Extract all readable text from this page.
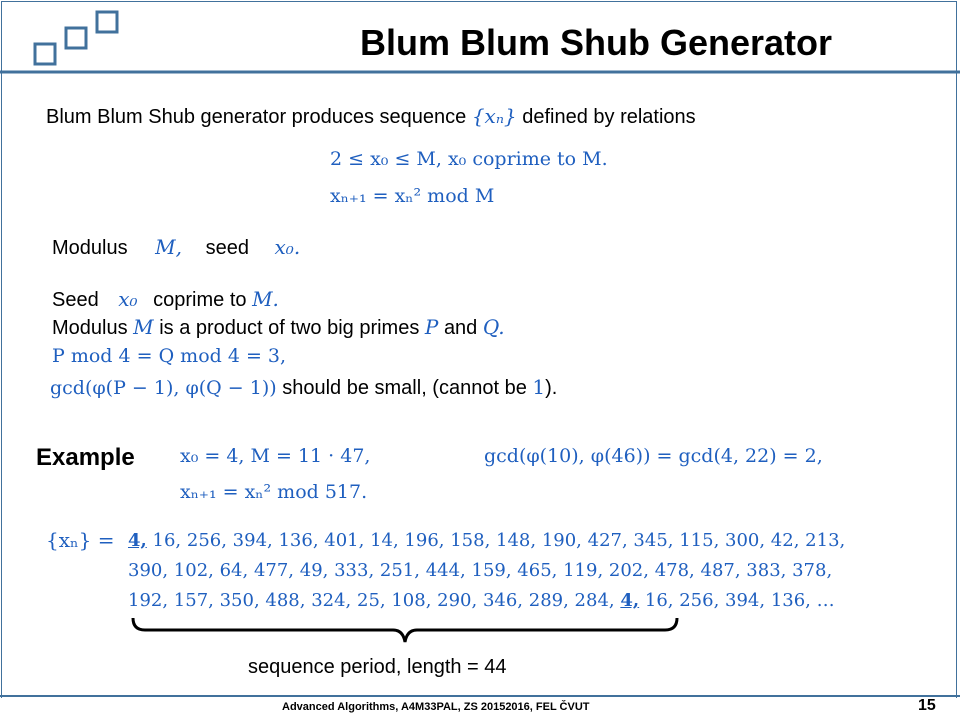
Blum Blum Shub Generator
Blum Blum Shub generator produces sequence {xₙ} defined by relations
2 ≤ x₀ ≤ M, x₀ coprime to M.
xₙ₊₁ = xₙ² mod M
Modulus M, seed x₀.
Seed x₀ coprime to M.
Modulus M is a product of two big primes P and Q.
P mod 4 = Q mod 4 = 3,
gcd(φ(P − 1), φ(Q − 1)) should be small, (cannot be 1).
Example x₀ = 4, M = 11 · 47,	gcd(φ(10), φ(46)) = gcd(4, 22) = 2,
xₙ₊₁ = xₙ² mod 517.
{xₙ} = 4, 16, 256, 394, 136, 401, 14, 196, 158, 148, 190, 427, 345, 115, 300, 42, 213,
390, 102, 64, 477, 49, 333, 251, 444, 159, 465, 119, 202, 478, 487, 383, 378,
192, 157, 350, 488, 324, 25, 108, 290, 346, 289, 284, 4, 16, 256, 394, 136, …
sequence period, length = 44
Advanced Algorithms, A4M33PAL, ZS 20152016, FEL ČVUT	15
